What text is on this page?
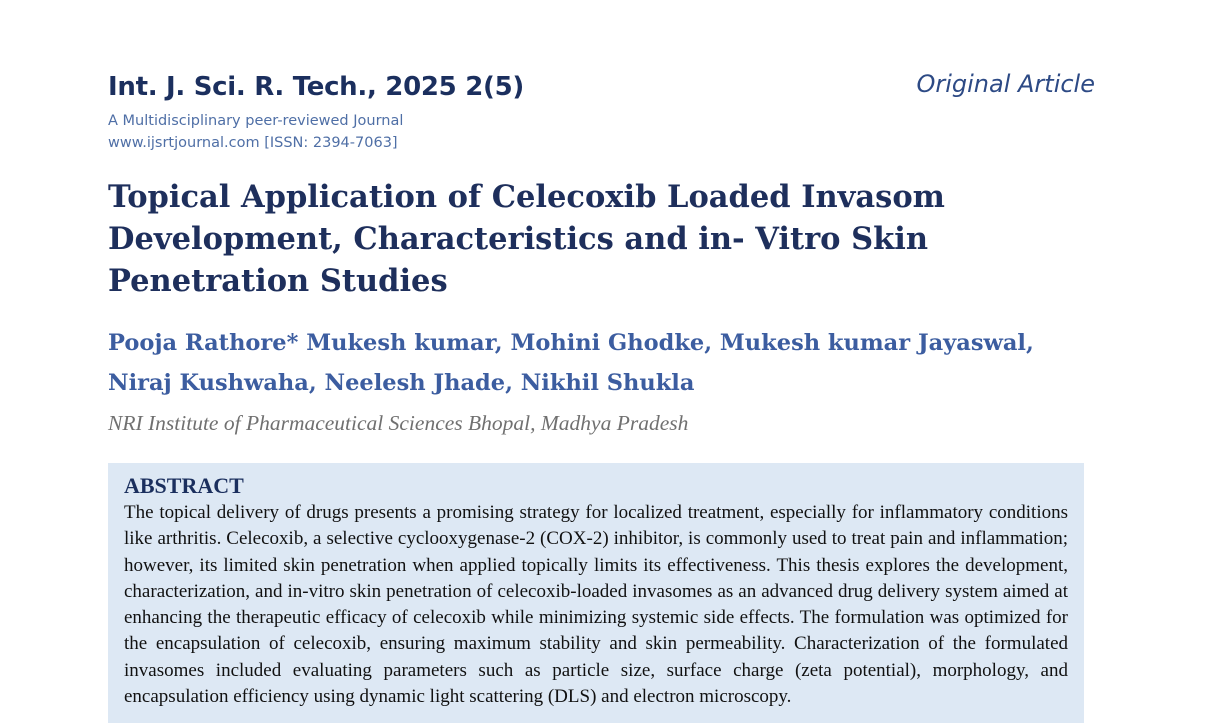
Int. J. Sci. R. Tech., 2025 2(5)	Original Article
A Multidisciplinary peer-reviewed Journal
www.ijsrtjournal.com [ISSN: 2394-7063]
Topical Application of Celecoxib Loaded Invasom Development, Characteristics and in- Vitro Skin Penetration Studies

Pooja Rathore* Mukesh kumar, Mohini Ghodke, Mukesh kumar Jayaswal, Niraj Kushwaha, Neelesh Jhade, Nikhil Shukla

NRI Institute of Pharmaceutical Sciences Bhopal, Madhya Pradesh
ABSTRACT

The topical delivery of drugs presents a promising strategy for localized treatment, especially for inflammatory conditions like arthritis. Celecoxib, a selective cyclooxygenase-2 (COX-2) inhibitor, is commonly used to treat pain and inflammation; however, its limited skin penetration when applied topically limits its effectiveness. This thesis explores the development, characterization, and in-vitro skin penetration of celecoxib-loaded invasomes as an advanced drug delivery system aimed at enhancing the therapeutic efficacy of celecoxib while minimizing systemic side effects. The formulation was optimized for the encapsulation of celecoxib, ensuring maximum stability and skin permeability. Characterization of the formulated invasomes included evaluating parameters such as particle size, surface charge (zeta potential), morphology, and encapsulation efficiency using dynamic light scattering (DLS) and electron microscopy.
